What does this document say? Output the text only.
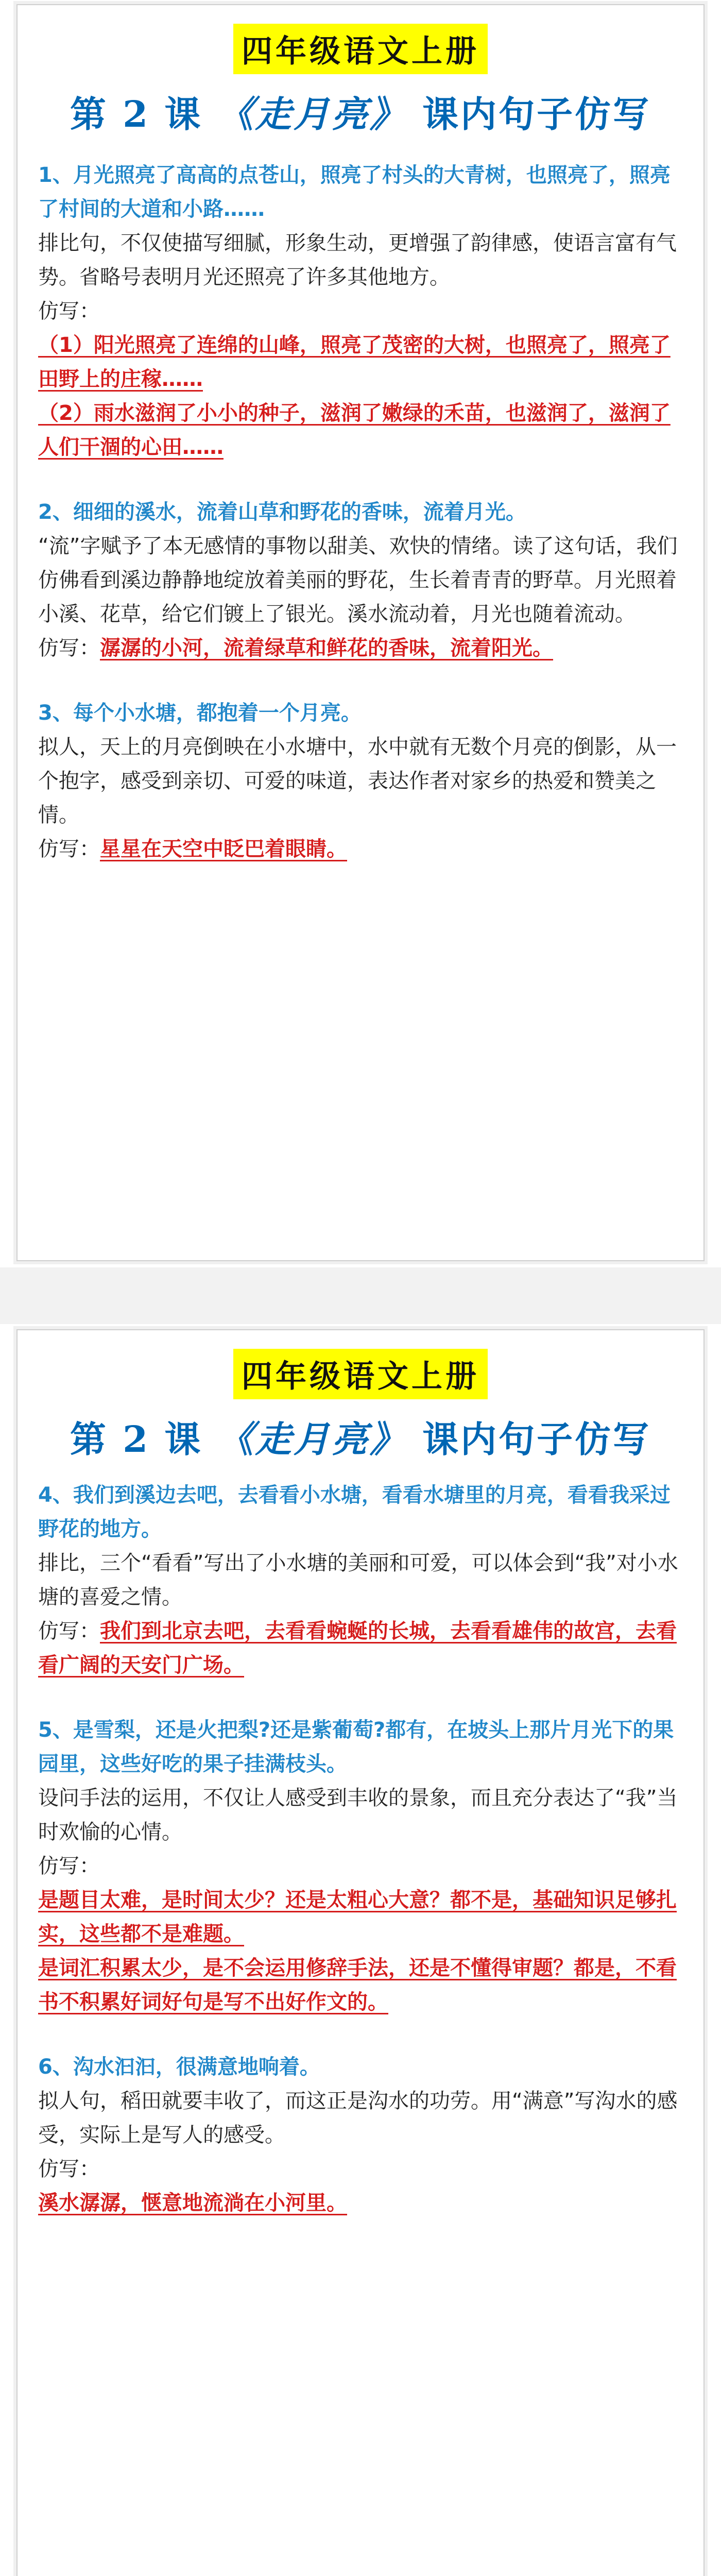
四年级语文上册
第 2 课 《走月亮》 课内句子仿写
1、月光照亮了高高的点苍山，照亮了村头的大青树，也照亮了，照亮了村间的大道和小路……
排比句，不仅使描写细腻，形象生动，更增强了韵律感，使语言富有气势。省略号表明月光还照亮了许多其他地方。
仿写：
（1）阳光照亮了连绵的山峰，照亮了茂密的大树，也照亮了，照亮了田野上的庄稼……
（2）雨水滋润了小小的种子，滋润了嫩绿的禾苗，也滋润了，滋润了人们干涸的心田……
2、细细的溪水，流着山草和野花的香味，流着月光。
“流”字赋予了本无感情的事物以甜美、欢快的情绪。读了这句话，我们仿佛看到溪边静静地绽放着美丽的野花，生长着青青的野草。月光照着小溪、花草，给它们镀上了银光。溪水流动着，月光也随着流动。
仿写：潺潺的小河，流着绿草和鲜花的香味，流着阳光。
3、每个小水塘，都抱着一个月亮。
拟人，天上的月亮倒映在小水塘中，水中就有无数个月亮的倒影，从一个抱字，感受到亲切、可爱的味道，表达作者对家乡的热爱和赞美之情。
仿写：星星在天空中眨巴着眼睛。
四年级语文上册
第 2 课 《走月亮》 课内句子仿写
4、我们到溪边去吧，去看看小水塘，看看水塘里的月亮，看看我采过野花的地方。
排比，三个“看看”写出了小水塘的美丽和可爱，可以体会到“我”对小水塘的喜爱之情。
仿写：我们到北京去吧，去看看蜿蜒的长城，去看看雄伟的故宫，去看看广阔的天安门广场。
5、是雪梨，还是火把梨?还是紫葡萄?都有，在坡头上那片月光下的果园里，这些好吃的果子挂满枝头。
设问手法的运用，不仅让人感受到丰收的景象，而且充分表达了“我”当时欢愉的心情。
仿写：
是题目太难，是时间太少？还是太粗心大意？都不是，基础知识足够扎实，这些都不是难题。
是词汇积累太少，是不会运用修辞手法，还是不懂得审题？都是，不看书不积累好词好句是写不出好作文的。
6、沟水汩汩，很满意地响着。
拟人句，稻田就要丰收了，而这正是沟水的功劳。用“满意”写沟水的感受，实际上是写人的感受。
仿写：
溪水潺潺，惬意地流淌在小河里。
